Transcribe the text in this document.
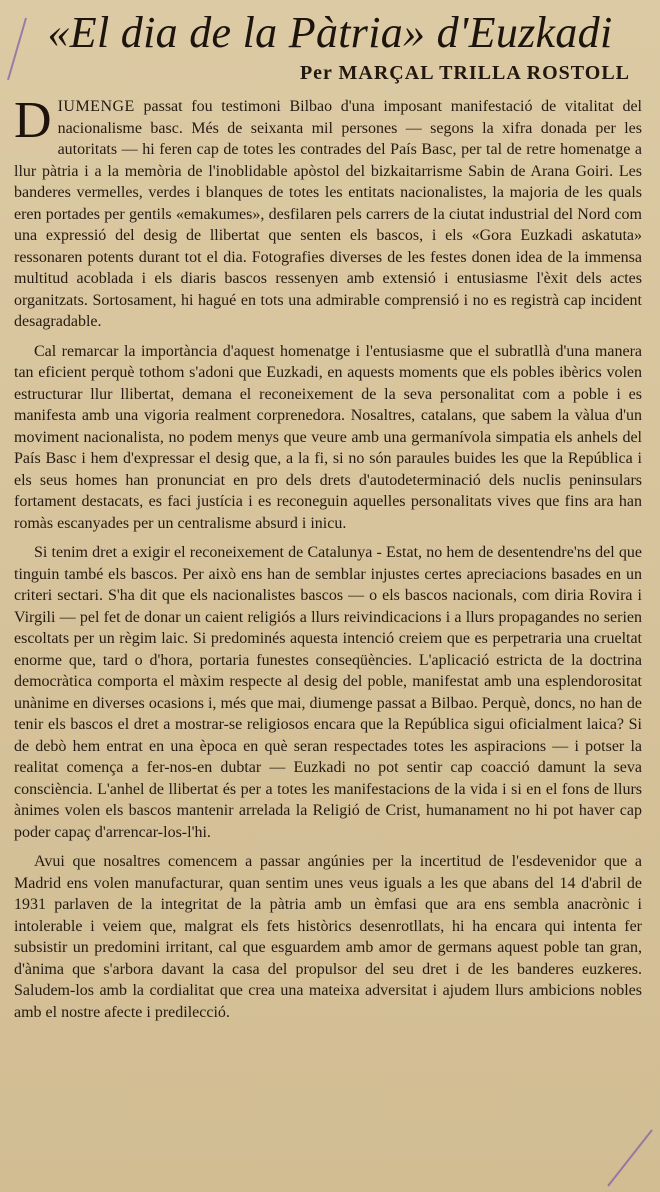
«El dia de la Pàtria» d'Euzkadi
Per MARÇAL TRILLA ROSTOLL

DIUMENGE passat fou testimoni Bilbao d'una imposant manifestació de vitalitat del nacionalisme basc. Més de seixanta mil persones — segons la xifra donada per les autoritats — hi feren cap de totes les contrades del País Basc, per tal de retre homenatge a llur pàtria i a la memòria de l'inoblidable apòstol del bizkaitarrisme Sabin de Arana Goiri. Les banderes vermelles, verdes i blanques de totes les entitats nacionalistes, la majoria de les quals eren portades per gentils «emakumes», desfilaren pels carrers de la ciutat industrial del Nord com una expressió del desig de llibertat que senten els bascos, i els «Gora Euzkadi askatuta» ressonaren potents durant tot el dia. Fotografies diverses de les festes donen idea de la immensa multitud acoblada i els diaris bascos ressenyen amb extensió i entusiasme l'èxit dels actes organitzats. Sortosament, hi hagué en tots una admirable comprensió i no es registrà cap incident desagradable.

Cal remarcar la importància d'aquest homenatge i l'entusiasme que el subratllà d'una manera tan eficient perquè tothom s'adoni que Euzkadi, en aquests moments que els pobles ibèrics volen estructurar llur llibertat, demana el reconeixement de la seva personalitat com a poble i es manifesta amb una vigoria realment corprenedora. Nosaltres, catalans, que sabem la vàlua d'un moviment nacionalista, no podem menys que veure amb una germanívola simpatia els anhels del País Basc i hem d'expressar el desig que, a la fi, si no són paraules buides les que la República i els seus homes han pronunciat en pro dels drets d'autodeterminació dels nuclis peninsulars fortament destacats, es faci justícia i es reconeguin aquelles personalitats vives que fins ara han romàs escanyades per un centralisme absurd i inicu.

Si tenim dret a exigir el reconeixement de Catalunya - Estat, no hem de desentendre'ns del que tinguin també els bascos. Per això ens han de semblar injustes certes apreciacions basades en un criteri sectari. S'ha dit que els nacionalistes bascos — o els bascos nacionals, com diria Rovira i Virgili — pel fet de donar un caient religiós a llurs reivindicacions i a llurs propagandes no serien escoltats per un règim laic. Si predominés aquesta intenció creiem que es perpetraria una crueltat enorme que, tard o d'hora, portaria funestes conseqüències. L'aplicació estricta de la doctrina democràtica comporta el màxim respecte al desig del poble, manifestat amb una esplendorositat unànime en diverses ocasions i, més que mai, diumenge passat a Bilbao. Perquè, doncs, no han de tenir els bascos el dret a mostrar-se religiosos encara que la República sigui oficialment laica? Si de debò hem entrat en una època en què seran respectades totes les aspiracions — i potser la realitat comença a fer-nos-en dubtar — Euzkadi no pot sentir cap coacció damunt la seva consciència. L'anhel de llibertat és per a totes les manifestacions de la vida i si en el fons de llurs ànimes volen els bascos mantenir arrelada la Religió de Crist, humanament no hi pot haver cap poder capaç d'arrencar-los-l'hi.

Avui que nosaltres comencem a passar angúnies per la incertitud de l'esdevenidor que a Madrid ens volen manufacturar, quan sentim unes veus iguals a les que abans del 14 d'abril de 1931 parlaven de la integritat de la pàtria amb un èmfasi que ara ens sembla anacrònic i intolerable i veiem que, malgrat els fets històrics desenrotllats, hi ha encara qui intenta fer subsistir un predomini irritant, cal que esguardem amb amor de germans aquest poble tan gran, d'ànima que s'arbora davant la casa del propulsor del seu dret i de les banderes euzkeres. Saludem-los amb la cordialitat que crea una mateixa adversitat i ajudem llurs ambicions nobles amb el nostre afecte i predilecció.
